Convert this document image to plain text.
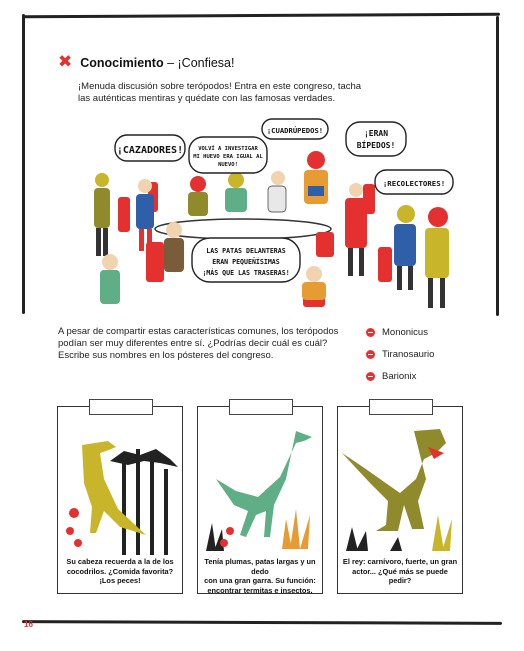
✖ Conocimiento – ¡Confiesa!
¡Menuda discusión sobre terópodos! Entra en este congreso, tacha
las auténticas mentiras y quédate con las famosas verdades.
¡CAZADORES!	VOLVÍ A INVESTIGAR
MI HUEVO ERA IGUAL AL
NUEVO!
¡CUADRÚPEDOS!	¡ERAN
BÍPEDOS!
¡RECOLECTORES!
LAS PATAS DELANTERAS
ERAN PEQUEÑÍSIMAS
¡MÁS QUE LAS TRASERAS!
A pesar de compartir estas características comunes, los terópodos
podían ser muy diferentes entre sí. ¿Podrías decir cuál es cuál?
Escribe sus nombres en los pósteres del congreso.
Mononicus
Tiranosaurio
Barionix
Su cabeza recuerda a la de los
cocodrilos. ¿Comida favorita?
¡Los peces!
Tenía plumas, patas largas y un dedo
con una gran garra. Su función:
encontrar termitas e insectos.
El rey: carnívoro, fuerte, un gran
actor... ¿Qué más se puede pedir?
16
